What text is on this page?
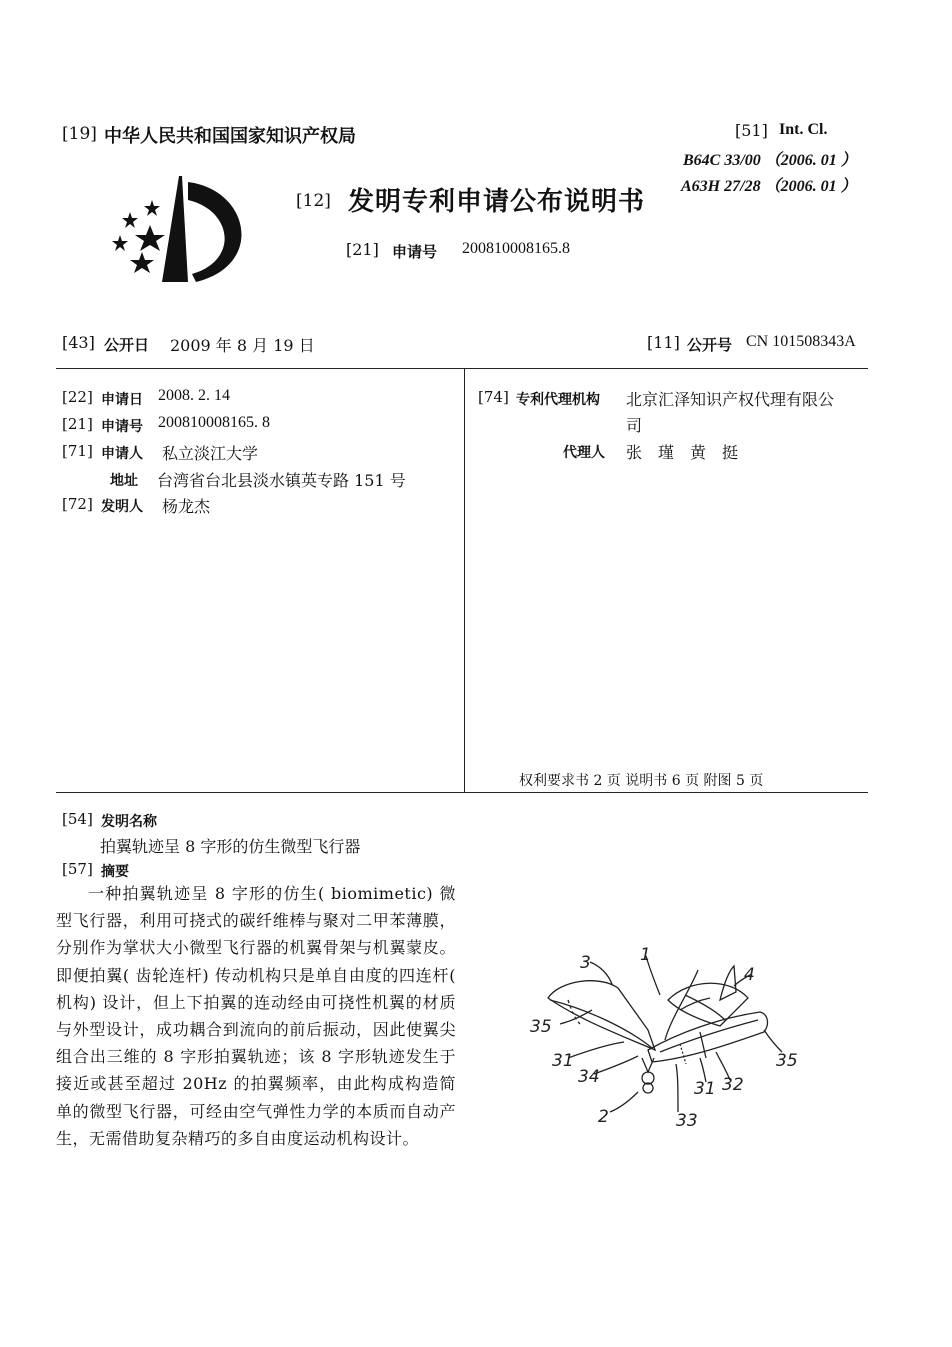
[19] 中华人民共和国国家知识产权局
[12] 发明专利申请公布说明书
[21] 申请号 200810008165.8
[51] Int. Cl.
B64C 33/00 （2006. 01 ）
A63H 27/28 （2006. 01 ）
[43] 公开日 2009 年 8 月 19 日	[11] 公开号 CN 101508343A
[22] 申请日 2008. 2. 14
[21] 申请号 200810008165. 8
[71] 申请人 私立淡江大学
地址 台湾省台北县淡水镇英专路 151 号
[72] 发明人 杨龙杰
[74] 专利代理机构 北京汇泽知识产权代理有限公
司
代理人 张　瑾　黄　挺
权利要求书 2 页 说明书 6 页 附图 5 页
[54] 发明名称
拍翼轨迹呈 8 字形的仿生微型飞行器
[57] 摘要
一种拍翼轨迹呈 8 字形的仿生( biomimetic) 微型飞行器，利用可挠式的碳纤维棒与聚对二甲苯薄膜，分别作为掌状大小微型飞行器的机翼骨架与机翼蒙皮。 即便拍翼( 齿轮连杆) 传动机构只是单自由度的四连杆( 机构) 设计，但上下拍翼的连动经由可挠性机翼的材质与外型设计，成功耦合到流向的前后振动，因此使翼尖组合出三维的 8 字形拍翼轨迹；该 8 字形轨迹发生于接近或甚至超过 20Hz 的拍翼频率，由此构成构造简单的微型飞行器，可经由空气弹性力学的本质而自动产生，无需借助复杂精巧的多自由度运动机构设计。
3	1
4
35
31
34
2	33
31 32
35
